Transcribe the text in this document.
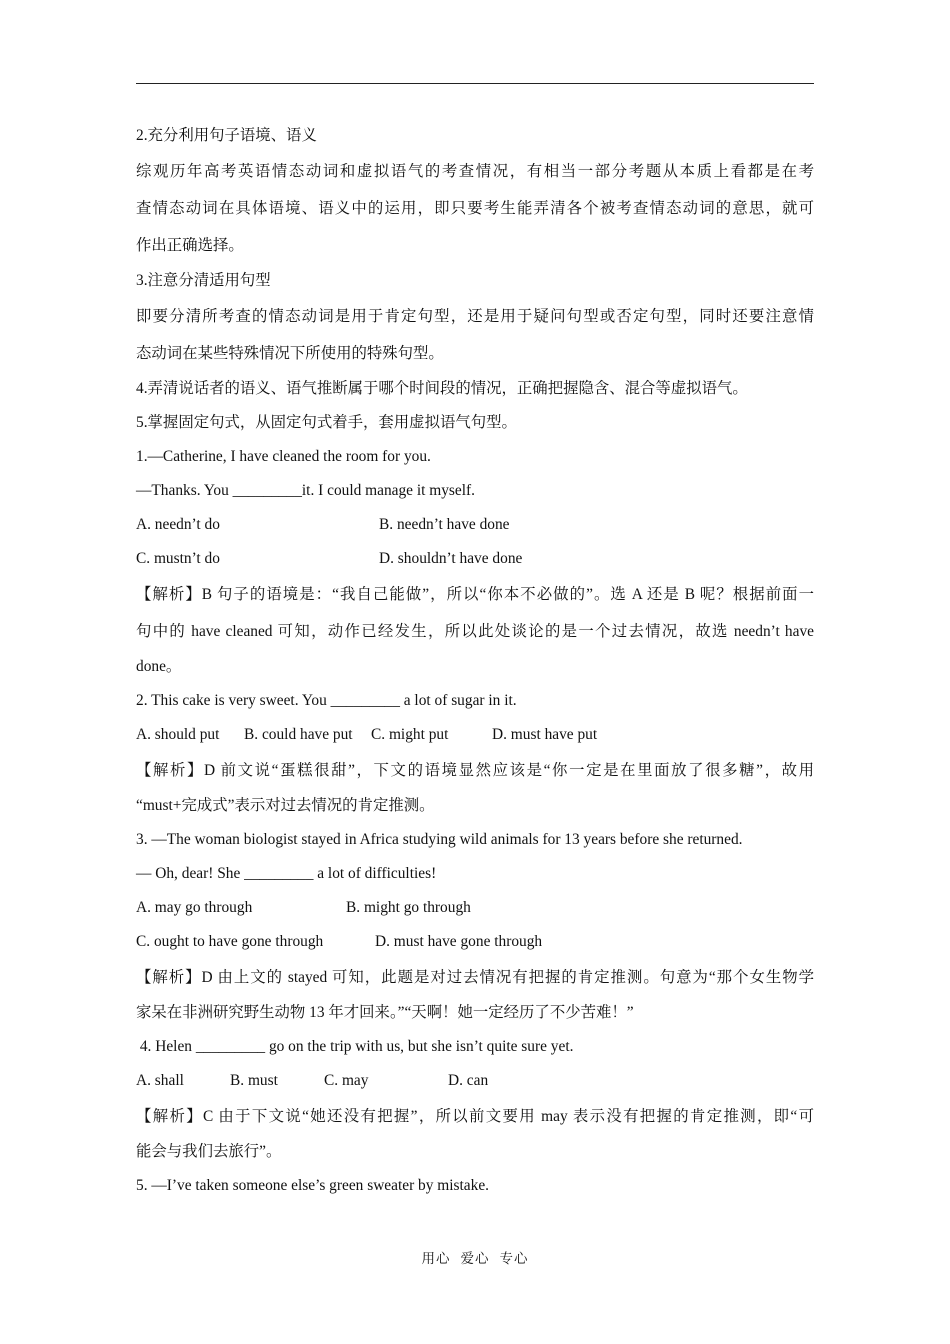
2.充分利用句子语境、语义
综观历年高考英语情态动词和虚拟语气的考查情况，有相当一部分考题从本质上看都是在考
查情态动词在具体语境、语义中的运用，即只要考生能弄清各个被考查情态动词的意思，就可
作出正确选择。
3.注意分清适用句型
即要分清所考查的情态动词是用于肯定句型，还是用于疑问句型或否定句型，同时还要注意情
态动词在某些特殊情况下所使用的特殊句型。
4.弄清说话者的语义、语气推断属于哪个时间段的情况，正确把握隐含、混合等虚拟语气。
5.掌握固定句式，从固定句式着手，套用虚拟语气句型。
1.—Catherine, I have cleaned the room for you.
—Thanks. You _________it. I could manage it myself.
A. needn’t do	B. needn’t have done
C. mustn’t do	D. shouldn’t have done
【解析】B 句子的语境是：“我自己能做”，所以“你本不必做的”。选 A 还是 B 呢？根据前面一
句中的 have cleaned 可知，动作已经发生，所以此处谈论的是一个过去情况，故选 needn’t have
done。
2. This cake is very sweet. You _________ a lot of sugar in it.
A. should put B. could have put C. might put	D. must have put
【解析】D 前文说“蛋糕很甜”，下文的语境显然应该是“你一定是在里面放了很多糖”，故用
“must+完成式”表示对过去情况的肯定推测。
3. —The woman biologist stayed in Africa studying wild animals for 13 years before she returned.
— Oh, dear! She _________ a lot of difficulties!
A. may go through	B. might go through
C. ought to have gone through	D. must have gone through
【解析】D 由上文的 stayed 可知，此题是对过去情况有把握的肯定推测。句意为“那个女生物学
家呆在非洲研究野生动物 13 年才回来。”“天啊！她一定经历了不少苦难！”
4. Helen _________ go on the trip with us, but she isn’t quite sure yet.
A. shall	B. must	C. may	D. can
【解析】C 由于下文说“她还没有把握”，所以前文要用 may 表示没有把握的肯定推测，即“可
能会与我们去旅行”。
5. —I’ve taken someone else’s green sweater by mistake.
用心 爱心 专心
